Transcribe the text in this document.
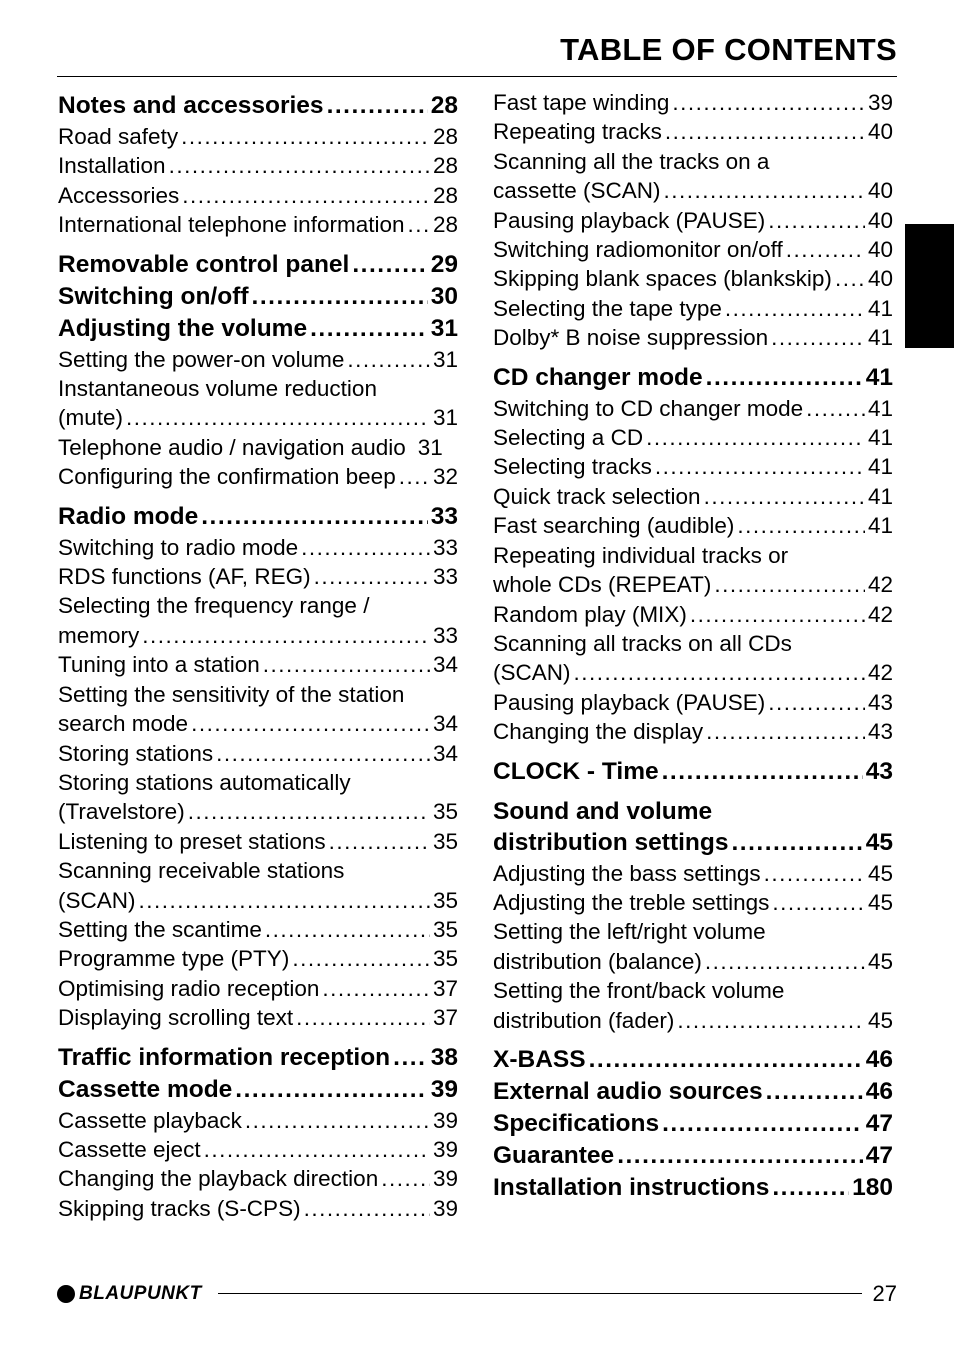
TABLE OF CONTENTS
Notes and accessories .....	28
Road safety .....	28
Installation .....	28
Accessories .....	28
International telephone information ..... 28
Removable control panel .....	29
Switching on/off .....	30
Adjusting the volume .....	31
Setting the power-on volume .....	31
Instantaneous volume reduction
(mute) .....	31
Telephone audio / navigation audio 31
Configuring the confirmation beep ..... 32
Radio mode .....	33
Switching to radio mode .....	33
RDS functions (AF, REG) .....	33
Selecting the frequency range /
memory .....	33
Tuning into a station .....	34
Setting the sensitivity of the station
search mode .....	34
Storing stations .....	34
Storing stations automatically
(Travelstore) .....	35
Listening to preset stations .....	35
Scanning receivable stations
(SCAN) .....	35
Setting the scantime .....	35
Programme type (PTY) .....	35
Optimising radio reception .....	37
Displaying scrolling text .....	37
Traffic information reception ..... 38
Cassette mode .....	39
Cassette playback .....	39
Cassette eject .....	39
Changing the playback direction ..... 39
Skipping tracks (S-CPS) .....	39
Fast tape winding .....	39
Repeating tracks .....	40
Scanning all the tracks on a
cassette (SCAN) .....	40
Pausing playback (PAUSE) .....	40
Switching radiomonitor on/off .....	40
Skipping blank spaces (blankskip) ..... 40
Selecting the tape type .....	41
Dolby* B noise suppression .....	41
CD changer mode .....	41
Switching to CD changer mode .....	41
Selecting a CD .....	41
Selecting tracks .....	41
Quick track selection .....	41
Fast searching (audible) .....	41
Repeating individual tracks or
whole CDs (REPEAT) .....	42
Random play (MIX) .....	42
Scanning all tracks on all CDs
(SCAN) .....	42
Pausing playback (PAUSE) .....	43
Changing the display .....	43
CLOCK - Time .....	43
Sound and volume
distribution settings .....	45
Adjusting the bass settings .....	45
Adjusting the treble settings .....	45
Setting the left/right volume
distribution (balance) .....	45
Setting the front/back volume
distribution (fader) .....	45
X-BASS .....	46
External audio sources .....	46
Specifications .....	47
Guarantee .....	47
Installation instructions .....	180
BLAUPUNKT	27
